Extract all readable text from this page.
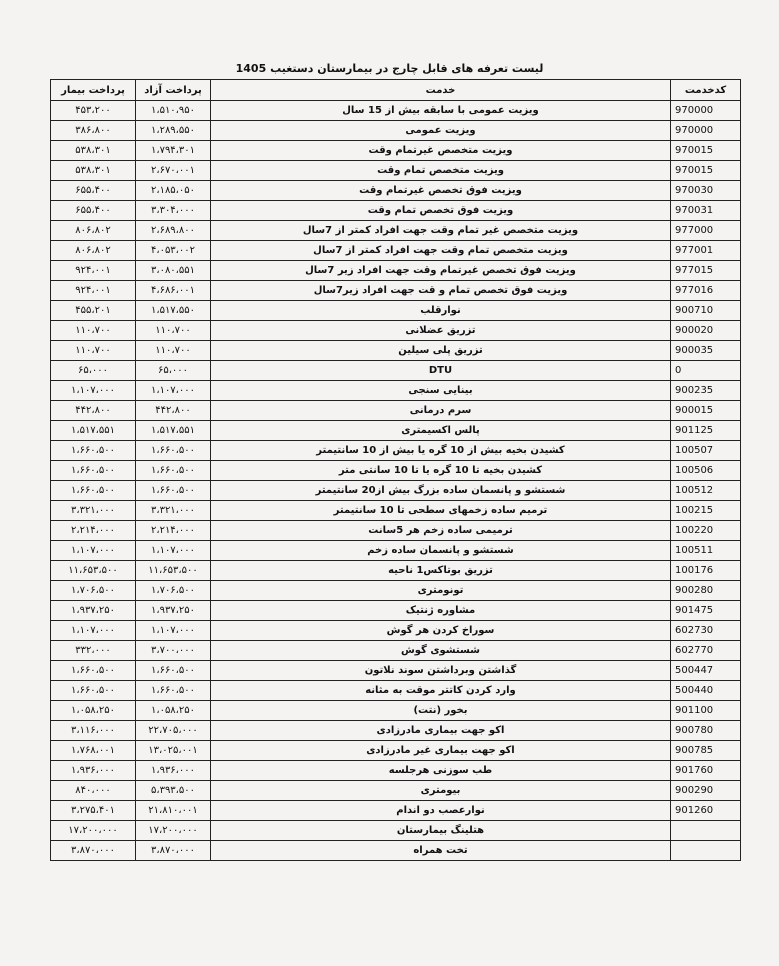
لیست تعرفه های قابل چارج در بیمارستان دستغیب 1405
کدخدمت	خدمت	پرداخت آزاد	پرداخت بیمار
970000	ویزیت عمومی با سابقه بیش از 15 سال	۱،۵۱۰،۹۵۰	۴۵۳،۲۰۰
970000	ویزیت عمومی	۱،۲۸۹،۵۵۰	۳۸۶،۸۰۰
970015	ویزیت متخصص غیرتمام وقت	۱،۷۹۴،۳۰۱	۵۳۸،۳۰۱
970015	ویزیت متخصص تمام وقت	۲،۶۷۰،۰۰۱	۵۳۸،۳۰۱
970030	ویزیت فوق تخصص غیرتمام وقت	۲،۱۸۵،۰۵۰	۶۵۵،۴۰۰
970031	ویزیت فوق تخصص تمام وقت	۳،۳۰۴،۰۰۰	۶۵۵،۴۰۰
977000	ویزیت متخصص غیر تمام وقت جهت افراد کمتر از 7سال	۲،۶۸۹،۸۰۰	۸۰۶،۸۰۲
977001	ویزیت متخصص تمام وقت جهت افراد کمتر از 7سال	۴،۰۵۳،۰۰۲	۸۰۶،۸۰۲
977015	ویزیت فوق تخصص غیرتمام وقت جهت افراد زیر 7سال	۳،۰۸۰،۵۵۱	۹۲۴،۰۰۱
977016	ویزیت فوق تخصص تمام و قت جهت افراد زیر7سال	۴،۶۸۶،۰۰۱	۹۲۴،۰۰۱
900710	نوارقلب	۱،۵۱۷،۵۵۰	۴۵۵،۲۰۱
900020	تزریق عضلانی	۱۱۰،۷۰۰	۱۱۰،۷۰۰
900035	تزریق پلی سیلین	۱۱۰،۷۰۰	۱۱۰،۷۰۰
0	DTU	۶۵،۰۰۰	۶۵،۰۰۰
900235	بینایی سنجی	۱،۱۰۷،۰۰۰	۱،۱۰۷،۰۰۰
900015	سرم درمانی	۴۴۲،۸۰۰	۴۴۲،۸۰۰
901125	پالس اکسیمتری	۱،۵۱۷،۵۵۱	۱،۵۱۷،۵۵۱
100507	کشیدن بخیه بیش از 10 گره یا بیش از 10 سانتیمتر	۱،۶۶۰،۵۰۰	۱،۶۶۰،۵۰۰
100506	کشیدن بخیه تا 10 گره یا تا 10 سانتی متر	۱،۶۶۰،۵۰۰	۱،۶۶۰،۵۰۰
100512	شستشو و پانسمان ساده بزرگ بیش از20 سانتیمتر	۱،۶۶۰،۵۰۰	۱،۶۶۰،۵۰۰
100215	ترمیم ساده زخمهای سطحی تا 10 سانتیمتر	۳،۳۲۱،۰۰۰	۳،۳۲۱،۰۰۰
100220	ترمیمی ساده زخم هر 5سانت	۲،۲۱۴،۰۰۰	۲،۲۱۴،۰۰۰
100511	شستشو و پانسمان ساده زخم	۱،۱۰۷،۰۰۰	۱،۱۰۷،۰۰۰
100176	تزریق بوتاکس1 ناحیه	۱۱،۶۵۳،۵۰۰	۱۱،۶۵۳،۵۰۰
900280	تونومتری	۱،۷۰۶،۵۰۰	۱،۷۰۶،۵۰۰
901475	مشاوره ژنتیک	۱،۹۳۷،۲۵۰	۱،۹۳۷،۲۵۰
602730	سوراخ کردن هر گوش	۱،۱۰۷،۰۰۰	۱،۱۰۷،۰۰۰
602770	شستشوی گوش	۳،۷۰۰،۰۰۰	۳۳۲،۰۰۰
500447	گذاشتن وبرداشتن سوند نلاتون	۱،۶۶۰،۵۰۰	۱،۶۶۰،۵۰۰
500440	وارد کردن کاتتر موقت به مثانه	۱،۶۶۰،۵۰۰	۱،۶۶۰،۵۰۰
901100	بخور (نتت)	۱،۰۵۸،۲۵۰	۱،۰۵۸،۲۵۰
900780	اکو جهت بیماری مادرزادی	۲۲،۷۰۵،۰۰۰	۳،۱۱۶،۰۰۰
900785	اکو جهت بیماری غیر مادرزادی	۱۳،۰۲۵،۰۰۱	۱،۷۶۸،۰۰۱
901760	طب سوزنی هرجلسه	۱،۹۳۶،۰۰۰	۱،۹۳۶،۰۰۰
900290	بیومتری	۵،۳۹۳،۵۰۰	۸۴۰،۰۰۰
901260	نوارعصب دو اندام	۲۱،۸۱۰،۰۰۱	۳،۲۷۵،۴۰۱
	هتلینگ بیمارستان	۱۷،۲۰۰،۰۰۰	۱۷،۲۰۰،۰۰۰
	تخت همراه	۳،۸۷۰،۰۰۰	۳،۸۷۰،۰۰۰
